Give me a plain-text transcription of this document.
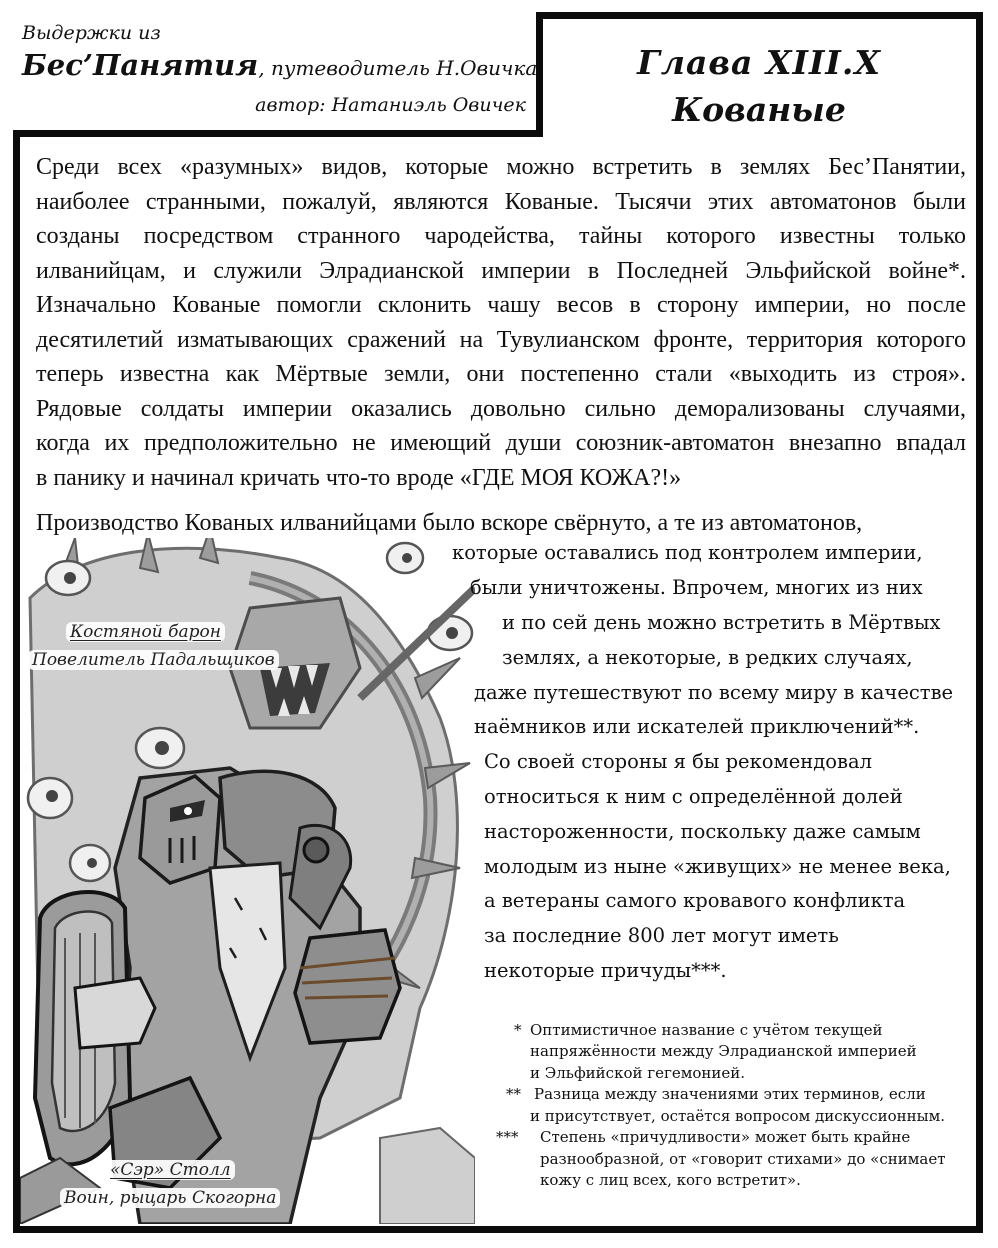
Выдержки из
Бес’Панятия, путеводитель Н.Овичка
автор: Натаниэль Овичек
Глава XIII.X
Кованые
Среди всех «разумных» видов, которые можно встретить в землях Бес’Панятии,
наиболее странными, пожалуй, являются Кованые. Тысячи этих автоматонов были
созданы посредством странного чародейства, тайны которого известны только
илванийцам, и служили Элрадианской империи в Последней Эльфийской войне*.
Изначально Кованые помогли склонить чашу весов в сторону империи, но после
десятилетий изматывающих сражений на Тувулианском фронте, территория которого
теперь известна как Мёртвые земли, они постепенно стали «выходить из строя».
Рядовые солдаты империи оказались довольно сильно деморализованы случаями,
когда их предположительно не имеющий души союзник-автоматон внезапно впадал
в панику и начинал кричать что-то вроде «ГДЕ МОЯ КОЖА?!»
Производство Кованых илванийцами было вскоре свёрнуто, а те из автоматонов,
Костяной барон
Повелитель Падальщиков
«Сэр» Столл
Воин, рыцарь Скогорна
которые оставались под контролем империи,
были уничтожены. Впрочем, многих из них
и по сей день можно встретить в Мёртвых
землях, а некоторые, в редких случаях,
даже путешествуют по всему миру в качестве
наёмников или искателей приключений**.
Со своей стороны я бы рекомендовал
относиться к ним с определённой долей
настороженности, поскольку даже самым
молодым из ныне «живущих» не менее века,
а ветераны самого кровавого конфликта
за последние 800 лет могут иметь
некоторые причуды***.
* Оптимистичное название с учётом текущей
напряжённости между Элрадианской империей
и Эльфийской гегемонией.
** Разница между значениями этих терминов, если
и присутствует, остаётся вопросом дискуссионным.
*** Степень «причудливости» может быть крайне
разнообразной, от «говорит стихами» до «снимает
кожу с лиц всех, кого встретит».
